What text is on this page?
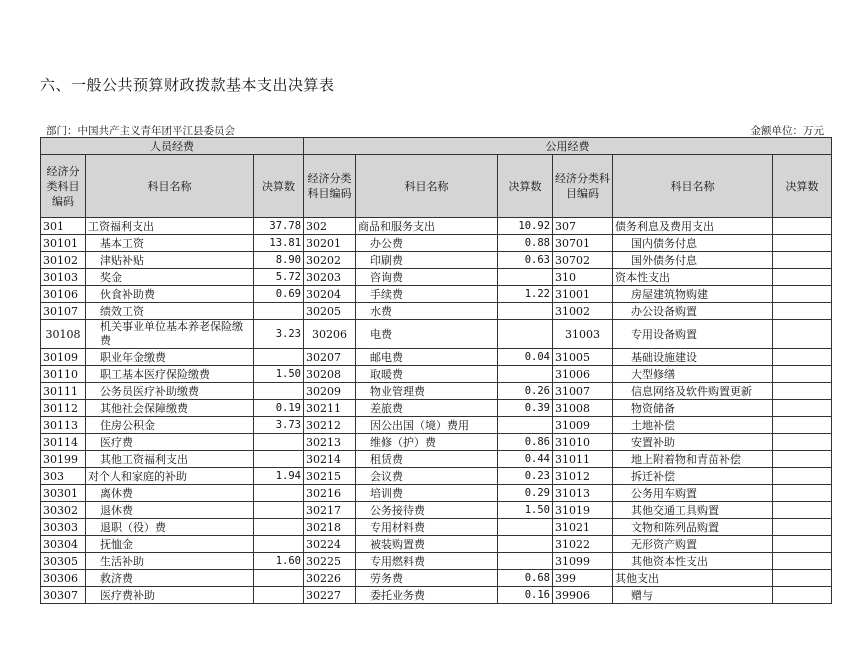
六、一般公共预算财政拨款基本支出决算表
部门：中国共产主义青年团平江县委员会	金额单位：万元
人员经费			公用经费					
经济分类科目编码	科目名称	决算数	经济分类科目编码	科目名称	决算数	经济分类科目编码	科目名称	决算数
301	工资福利支出	37.78	302	商品和服务支出	10.92	307	债务利息及费用支出	
30101	基本工资	13.81	30201	办公费	0.88	30701	国内债务付息	
30102	津贴补贴	8.90	30202	印刷费	0.63	30702	国外债务付息	
30103	奖金	5.72	30203	咨询费		310	资本性支出	
30106	伙食补助费	0.69	30204	手续费	1.22	31001	房屋建筑物购建	
30107	绩效工资		30205	水费		31002	办公设备购置	
30108	机关事业单位基本养老保险缴费	3.23	30206	电费		31003	专用设备购置	
30109	职业年金缴费		30207	邮电费	0.04	31005	基础设施建设	
30110	职工基本医疗保险缴费	1.50	30208	取暖费		31006	大型修缮	
30111	公务员医疗补助缴费		30209	物业管理费	0.26	31007	信息网络及软件购置更新	
30112	其他社会保障缴费	0.19	30211	差旅费	0.39	31008	物资储备	
30113	住房公积金	3.73	30212	因公出国（境）费用		31009	土地补偿	
30114	医疗费		30213	维修（护）费	0.86	31010	安置补助	
30199	其他工资福利支出		30214	租赁费	0.44	31011	地上附着物和青苗补偿	
303	对个人和家庭的补助	1.94	30215	会议费	0.23	31012	拆迁补偿	
30301	离休费		30216	培训费	0.29	31013	公务用车购置	
30302	退休费		30217	公务接待费	1.50	31019	其他交通工具购置	
30303	退职（役）费		30218	专用材料费		31021	文物和陈列品购置	
30304	抚恤金		30224	被装购置费		31022	无形资产购置	
30305	生活补助	1.60	30225	专用燃料费		31099	其他资本性支出	
30306	救济费		30226	劳务费	0.68	399	其他支出	
30307	医疗费补助		30227	委托业务费	0.16	39906	赠与	
